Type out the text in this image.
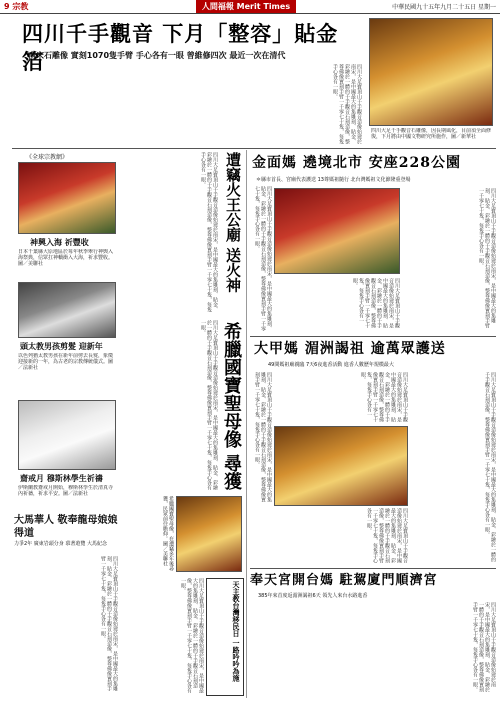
9 宗教	人間福報 Merit Times	中華民國九十五年九月二十五日 星期一
四川千手觀音 下月「整容」貼金箔
南宋石雕像 實刻1070隻手臂 手心各有一眼 曾維修四次 最近一次在清代
四川大足寶頂山千手觀音造像始建於南宋，是中國最大的集雕刻、貼金、彩繪於一體的千手觀音石刻造像，整尊佛像實刻手臂一千零七十隻，每隻手心各有一眼。
四川大足千手觀音石雕像，因長期風化，目前須全面修復，下月將由中國文物研究所施作，圖／新華社
《全球宗教網》
神興入海 祈豐收
日本千葉縣大原地區於每年秋季舉行神輿入海祭典，信眾扛神轎衝入大海，祈求豐收。圖／美聯社
頭太教男孩剪髮 迎新年
以色列猶太教男孩在新年前剪去長髮，象徵迎接新的一年，為古老的宗教傳統儀式。圖／法新社
齋戒月 穆斯林學生祈禱
伊斯蘭教齋戒月開始，穆斯林學生於清真寺內祈禱，祈求平安。圖／法新社
大馬華人 敬奉龍母娘娘得道
力爭2年 廣東岩頭分身 慕著遊覽 大馬紀念
四川大足寶頂山千手觀音造像始建於南宋，是中國最大的集雕刻、貼金、彩繪於一體的千手觀音石刻造像，整尊佛像實刻手臂一千零七十隻，每隻手心各有一眼。
四川大足寶頂山千手觀音造像始建於南宋，是中國最大的集雕刻、貼金、彩繪於一體的千手觀音石刻造像，整尊佛像實刻手臂一千零七十隻，每隻手心各有一眼。	遭竊火王公廟 送火神
四川大足寶頂山千手觀音造像始建於南宋，是中國最大的集雕刻、貼金、彩繪於一體的千手觀音石刻造像，整尊佛像實刻手臂一千零七十隻，每隻手心各有一眼。 希臘國寶聖母像 尋獲
希臘國寶聖母像，在遭竊多年後尋獲，民眾前往瞻仰。圖／美聯社
四川大足寶頂山千手觀音造像始建於南宋，是中國最大的集雕刻、貼金、彩繪於一體的千手觀音石刻造像，整尊佛像實刻手臂一千零七十隻，每隻手心各有一眼。	天主教台灣移民日 一路吟吟為施
金面媽 遶境北市 安座228公園
＊縣市首長、宮廟代表護送 13尊媽祖隨行 北台灣媽祖文化節隆重登場
四川大足寶頂山千手觀音造像始建於南宋，是中國最大的集雕刻、貼金、彩繪於一體的千手觀音石刻造像，整尊佛像實刻手臂一千零七十隻，每隻手心各有一眼。	四川大足寶頂山千手觀音造像始建於南宋，是中國最大的集雕刻、貼金、彩繪於一體的千手觀音石刻造像，整尊佛像實刻手臂一千零七十隻，每隻手心各有一眼。
四川大足寶頂山千手觀音造像始建於南宋，是中國最大的集雕刻、貼金、彩繪於一體的千手觀音石刻造像，整尊佛像實刻手臂一千零七十隻，每隻手心各有一眼。
大甲媽 湄洲謁祖 逾萬眾護送
49間媽祖廟親臨 7天6夜進香活動 進香人數歷年規模最大
四川大足寶頂山千手觀音造像始建於南宋，是中國最大的集雕刻、貼金、彩繪於一體的千手觀音石刻造像，整尊佛像實刻手臂一千零七十隻，每隻手心各有一眼。	四川大足寶頂山千手觀音造像始建於南宋，是中國最大的集雕刻、貼金、彩繪於一體的千手觀音石刻造像，整尊佛像實刻手臂一千零七十隻，每隻手心各有一眼。	四川大足寶頂山千手觀音造像始建於南宋，是中國最大的集雕刻、貼金、彩繪於一體的千手觀音石刻造像，整尊佛像實刻手臂一千零七十隻，每隻手心各有一眼。
四川大足寶頂山千手觀音造像始建於南宋，是中國最大的集雕刻、貼金、彩繪於一體的千手觀音石刻造像，整尊佛像實刻手臂一千零七十隻，每隻手心各有一眼。
奉天宮開台媽 駐駕廈門順濟宮
385年來首度返湄洲謁祖6天 領先人來台水路進香
四川大足寶頂山千手觀音造像始建於南宋，是中國最大的集雕刻、貼金、彩繪於一體的千手觀音石刻造像，整尊佛像實刻手臂一千零七十隻，每隻手心各有一眼。
